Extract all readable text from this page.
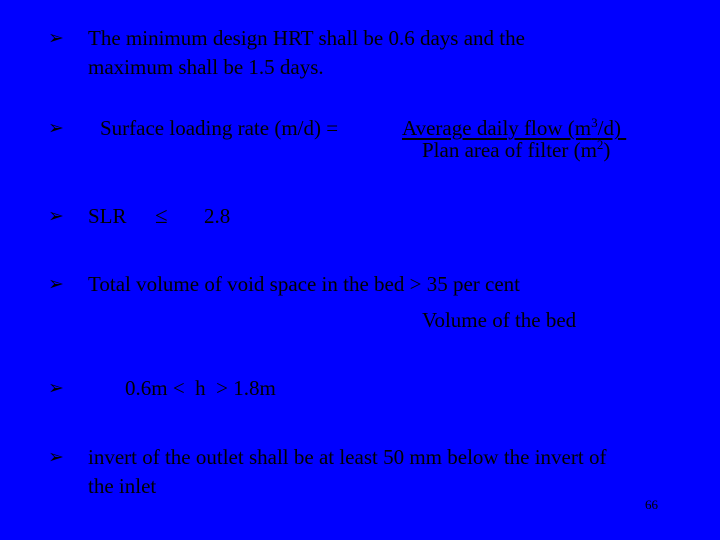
➢ The minimum design HRT shall be 0.6 days and the
maximum shall be 1.5 days.
➢ Surface loading rate (m/d) =	Average daily flow $(m^3/d)$
Plan area of filter $(m^2)$
➢ SLR ≤ 2.8
➢ Total volume of void space in the bed > 35 per cent
Volume of the bed
➢	0.6m <  h  > 1.8m
➢ invert of the outlet shall be at least 50 mm below the invert of
the inlet
66
